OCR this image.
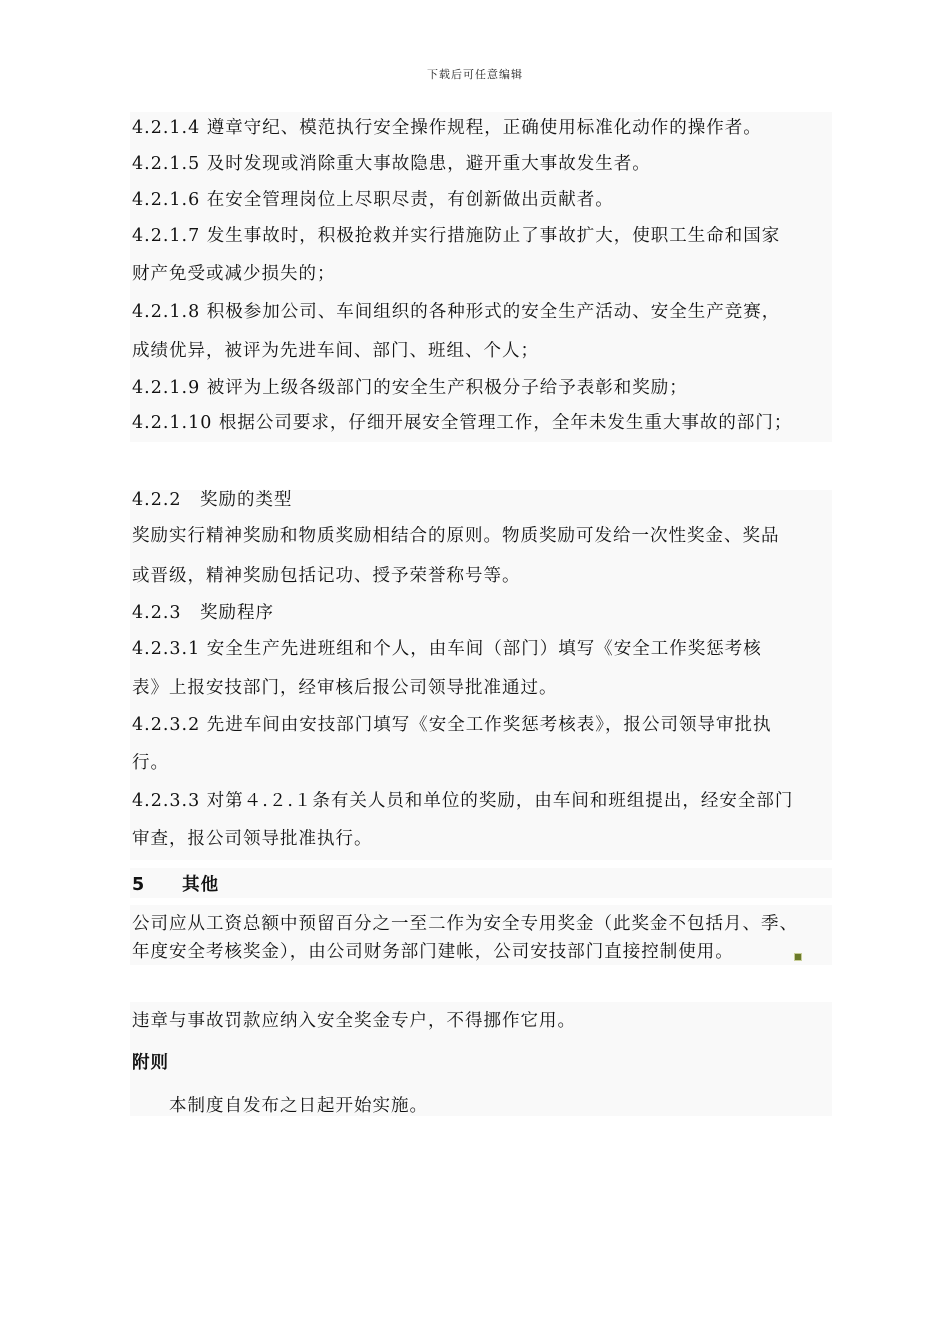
下载后可任意编辑
4.2.1.4 遵章守纪、模范执行安全操作规程，正确使用标准化动作的操作者。
4.2.1.5 及时发现或消除重大事故隐患，避开重大事故发生者。
4.2.1.6 在安全管理岗位上尽职尽责，有创新做出贡献者。
4.2.1.7 发生事故时，积极抢救并实行措施防止了事故扩大，使职工生命和国家
财产免受或减少损失的；
4.2.1.8 积极参加公司、车间组织的各种形式的安全生产活动、安全生产竞赛，
成绩优异，被评为先进车间、部门、班组、个人；
4.2.1.9 被评为上级各级部门的安全生产积极分子给予表彰和奖励；
4.2.1.10 根据公司要求，仔细开展安全管理工作，全年未发生重大事故的部门；
4.2.2　奖励的类型
奖励实行精神奖励和物质奖励相结合的原则。物质奖励可发给一次性奖金、奖品
或晋级，精神奖励包括记功、授予荣誉称号等。
4.2.3　奖励程序
4.2.3.1 安全生产先进班组和个人，由车间（部门）填写《安全工作奖惩考核
表》上报安技部门，经审核后报公司领导批准通过。
4.2.3.2 先进车间由安技部门填写《安全工作奖惩考核表》，报公司领导审批执
行。
4.2.3.3 对第４.２.１条有关人员和单位的奖励，由车间和班组提出，经安全部门
审查，报公司领导批准执行。
5　　其他
公司应从工资总额中预留百分之一至二作为安全专用奖金（此奖金不包括月、季、
年度安全考核奖金），由公司财务部门建帐，公司安技部门直接控制使用。
违章与事故罚款应纳入安全奖金专户，不得挪作它用。
附则
　　本制度自发布之日起开始实施。
